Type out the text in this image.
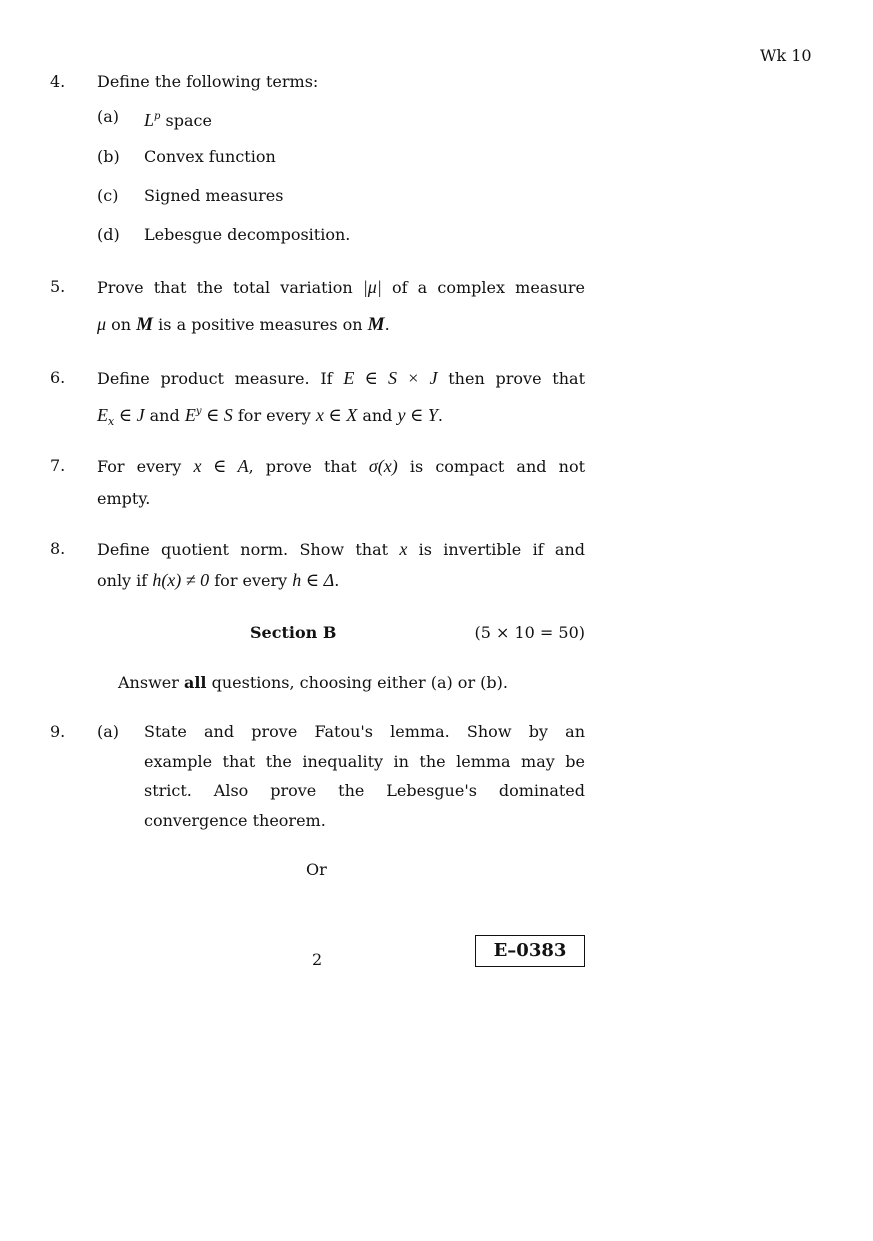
Wk 10
4. Define the following terms:
(a) $L^p$ space
(b) Convex function
(c) Signed measures
(d) Lebesgue decomposition.
5. Prove that the total variation |μ| of a complex measure
μ on M is a positive measures on M.
6. Define product measure. If E ∈ S × J then prove that
$E_x$ ∈ J and $E^y$ ∈ S for every x ∈ X and y ∈ Y.
7. For every x ∈ A, prove that σ(x) is compact and not
empty.
8. Define quotient norm. Show that x is invertible if and
only if h(x) ≠ 0 for every h ∈ Δ.
Section B	(5 × 10 = 50)
Answer all questions, choosing either (a) or (b).
9. (a) State and prove Fatou's lemma. Show by an
example that the inequality in the lemma may be
strict. Also prove the Lebesgue's dominated
convergence theorem.
Or
2	E–0383
